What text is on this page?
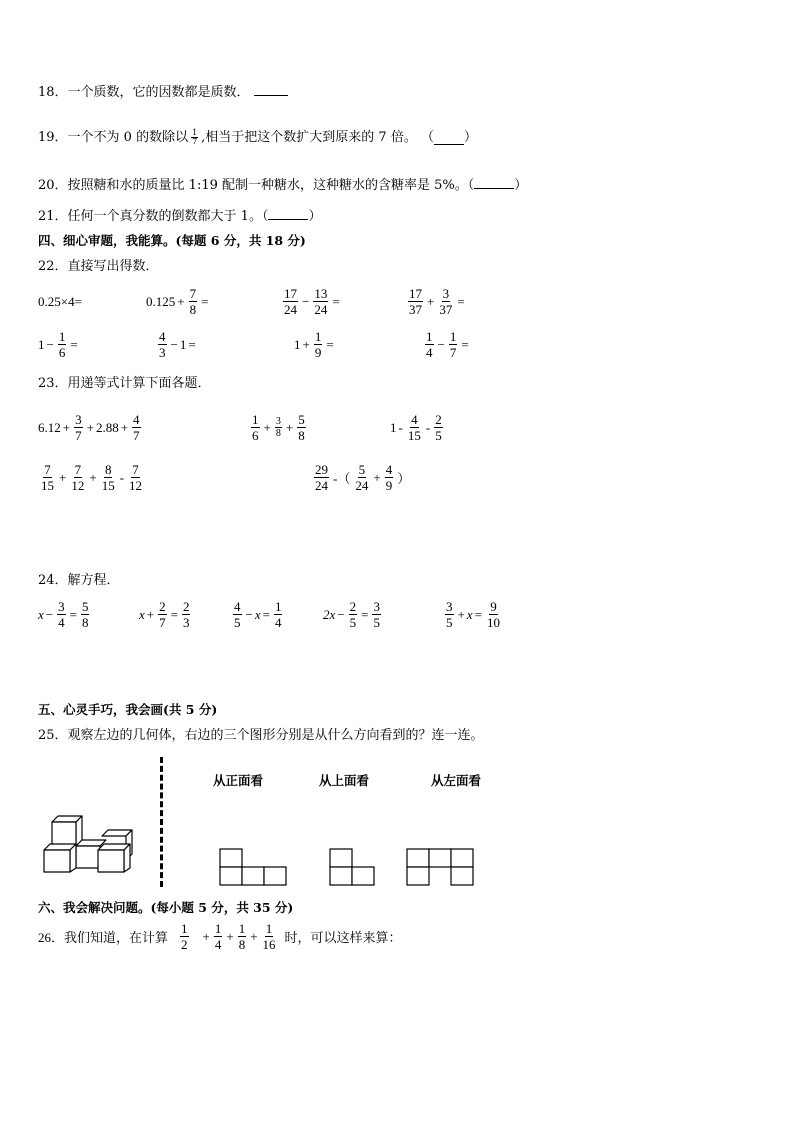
18．一个质数，它的因数都是质数．
19．一个不为 0 的数除以 $\frac{1}{7}$ ,相当于把这个数扩大到原来的 7 倍。 （ ）
20．按照糖和水的质量比 1:19 配制一种糖水，这种糖水的含糖率是 5%。（	）
21．任何一个真分数的倒数都大于 1。（	）
四、细心审题，我能算。(每题 6 分，共 18 分)
22．直接写出得数．
0.25×4=	$0.125 + \frac{7}{8}$ =	$\frac{17}{24} - \frac{13}{24}$ =	$\frac{17}{37} + \frac{3}{37}$ =
$1 - \frac{1}{6}$ =	$\frac{4}{3} - 1$ =	$1 + \frac{1}{9}$ =	$\frac{1}{4} - \frac{1}{7}$ =
23．用递等式计算下面各题．
$6.12 + \frac{3}{7} + 2.88 + \frac{4}{7}$	$\frac{1}{6} + \frac{3}{8} + \frac{5}{8}$	$1 - \frac{4}{15} - \frac{2}{5}$
$\frac{7}{15} + \frac{7}{12} + \frac{8}{15} - \frac{7}{12}$	$\frac{29}{24}$ -（ $\frac{5}{24} + \frac{4}{9}$ ）
24．解方程．
$x - \frac{3}{4} = \frac{5}{8}$	$x + \frac{2}{7} = \frac{2}{3}$	$\frac{4}{5} - x = \frac{1}{4}$	$2x - \frac{2}{5} = \frac{3}{5}$	$\frac{3}{5} + x = \frac{9}{10}$
五、心灵手巧，我会画(共 5 分)
25．观察左边的几何体，右边的三个图形分别是从什么方向看到的？连一连。
从正面看	从上面看	从左面看
六、我会解决问题。(每小题 5 分，共 35 分)
26．我们知道，在计算 $\frac{1}{2} + \frac{1}{4} + \frac{1}{8} + \frac{1}{16}$ 时，可以这样来算：
